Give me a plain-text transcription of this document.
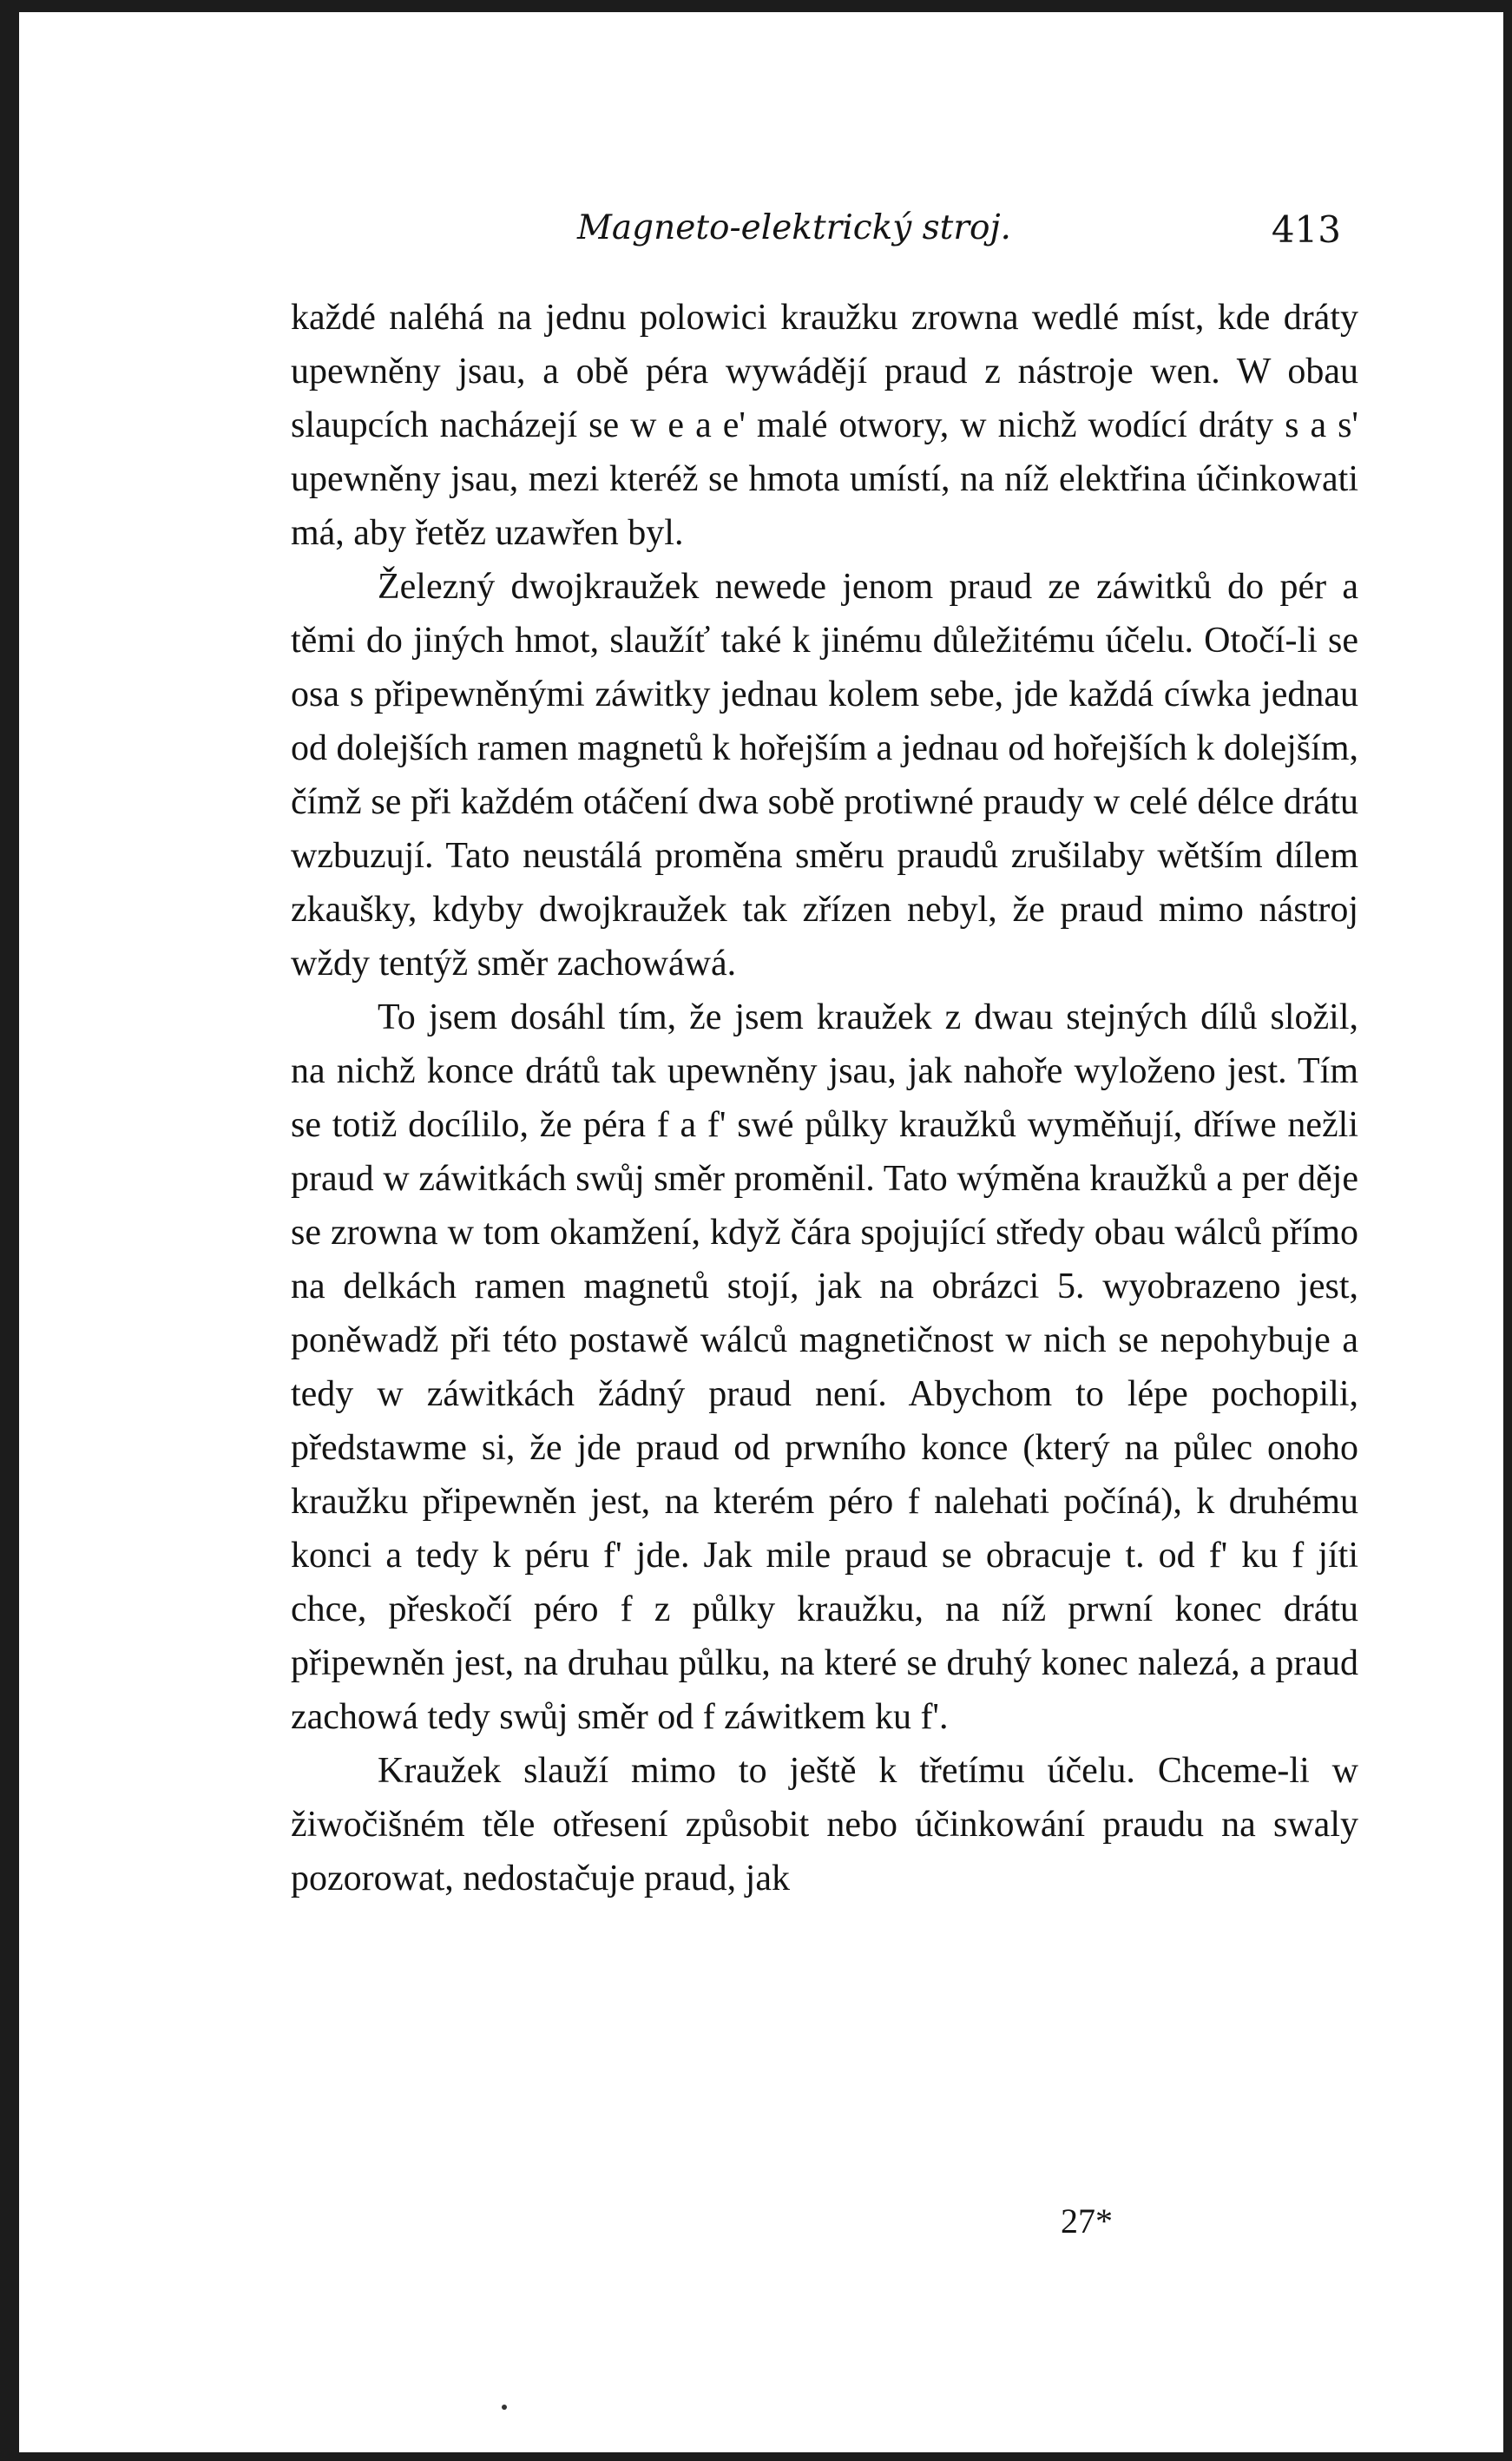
Magneto-elektrický stroj.	413

každé naléhá na jednu polowici kraužku zrowna wedlé míst, kde dráty upewněny jsau, a obě péra wywádějí praud z nástroje wen. W obau slaupcích nacházejí se w e a e' malé otwory, w nichž wodící dráty s a s' upewněny jsau, mezi kteréž se hmota umístí, na níž elektřina účinkowati má, aby řetěz uzawřen byl.

Železný dwojkraužek newede jenom praud ze záwitků do pér a těmi do jiných hmot, slaužíť také k jinému důležitému účelu. Otočí-li se osa s připewněnými záwitky jednau kolem sebe, jde každá cíwka jednau od dolejších ramen magnetů k hořejším a jednau od hořejších k dolejším, čímž se při každém otáčení dwa sobě protiwné praudy w celé délce drátu wzbuzují. Tato neustálá proměna směru praudů zrušilaby wětším dílem zkaušky, kdyby dwojkraužek tak zřízen nebyl, že praud mimo nástroj wždy tentýž směr zachowáwá.

To jsem dosáhl tím, že jsem kraužek z dwau stejných dílů složil, na nichž konce drátů tak upewněny jsau, jak nahoře wyloženo jest. Tím se totiž docílilo, že péra f a f' swé půlky kraužků wyměňují, dříwe nežli praud w záwitkách swůj směr proměnil. Tato wýměna kraužků a per děje se zrowna w tom okamžení, když čára spojující středy obau wálců přímo na delkách ramen magnetů stojí, jak na obrázci 5. wyobrazeno jest, poněwadž při této postawě wálců magnetičnost w nich se nepohybuje a tedy w záwitkách žádný praud není. Abychom to lépe pochopili, předstawme si, že jde praud od prwního konce (který na půlec onoho kraužku připewněn jest, na kterém péro f nalehati počíná), k druhému konci a tedy k péru f' jde. Jak mile praud se obracuje t. od f' ku f jíti chce, přeskočí péro f z půlky kraužku, na níž prwní konec drátu připewněn jest, na druhau půlku, na které se druhý konec nalezá, a praud zachowá tedy swůj směr od f záwitkem ku f'.

Kraužek slauží mimo to ještě k třetímu účelu. Chceme-li w žiwočišném těle otřesení způsobit nebo účinkowání praudu na swaly pozorowat, nedostačuje praud, jak

27*
